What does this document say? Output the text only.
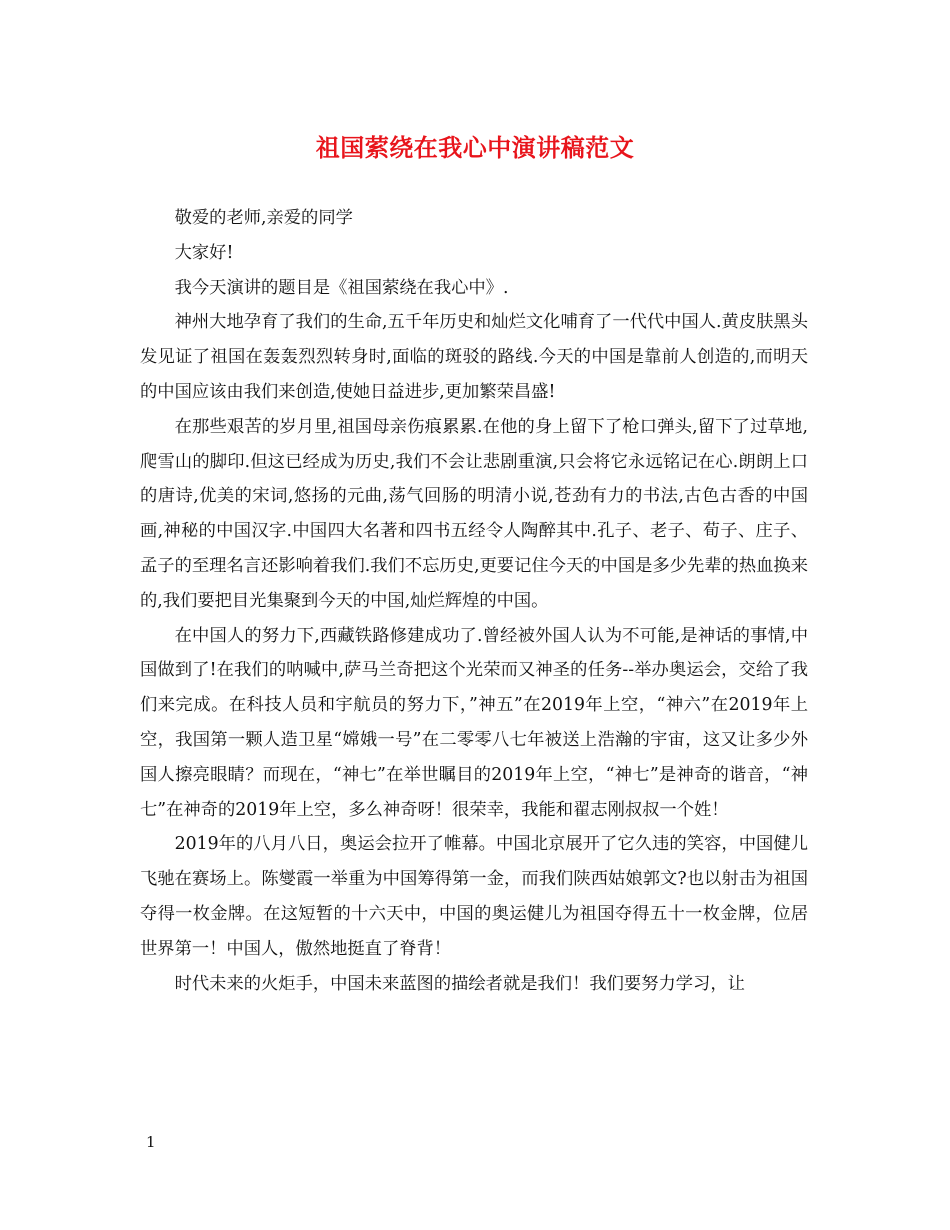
祖国萦绕在我心中演讲稿范文

敬爱的老师,亲爱的同学

大家好!

我今天演讲的题目是《祖国萦绕在我心中》.

神州大地孕育了我们的生命,五千年历史和灿烂文化哺育了一代代中国人.黄皮肤黑头发见证了祖国在轰轰烈烈转身时,面临的斑驳的路线.今天的中国是靠前人创造的,而明天的中国应该由我们来创造,使她日益进步,更加繁荣昌盛!

在那些艰苦的岁月里,祖国母亲伤痕累累.在他的身上留下了枪口弹头,留下了过草地,爬雪山的脚印.但这已经成为历史,我们不会让悲剧重演,只会将它永远铭记在心.朗朗上口的唐诗,优美的宋词,悠扬的元曲,荡气回肠的明清小说,苍劲有力的书法,古色古香的中国画,神秘的中国汉字.中国四大名著和四书五经令人陶醉其中.孔子、老子、荀子、庄子、孟子的至理名言还影响着我们.我们不忘历史,更要记住今天的中国是多少先辈的热血换来的,我们要把目光集聚到今天的中国,灿烂辉煌的中国。

在中国人的努力下,西藏铁路修建成功了.曾经被外国人认为不可能,是神话的事情,中国做到了!在我们的呐喊中,萨马兰奇把这个光荣而又神圣的任务--举办奥运会，交给了我们来完成。在科技人员和宇航员的努力下，”神五”在2019年上空，“神六”在2019年上空，我国第一颗人造卫星“嫦娥一号”在二零零八七年被送上浩瀚的宇宙，这又让多少外国人擦亮眼睛？而现在，“神七”在举世瞩目的2019年上空，“神七”是神奇的谐音，“神七”在神奇的2019年上空，多么神奇呀！很荣幸，我能和翟志刚叔叔一个姓！

2019年的八月八日，奥运会拉开了帷幕。中国北京展开了它久违的笑容，中国健儿飞驰在赛场上。陈燮霞一举重为中国筹得第一金，而我们陕西姑娘郭文?也以射击为祖国夺得一枚金牌。在这短暂的十六天中，中国的奥运健儿为祖国夺得五十一枚金牌，位居世界第一！中国人，傲然地挺直了脊背！

时代未来的火炬手，中国未来蓝图的描绘者就是我们！我们要努力学习，让

1
